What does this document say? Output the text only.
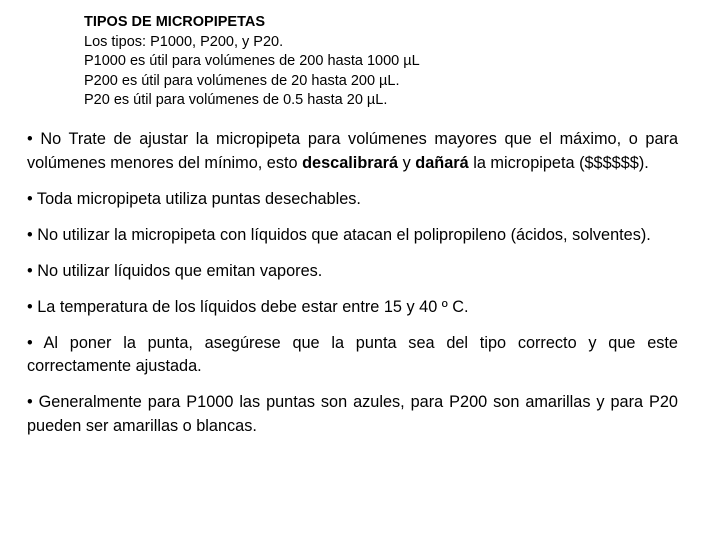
TIPOS DE MICROPIPETAS
Los tipos: P1000, P200, y P20.
P1000 es útil para volúmenes de 200 hasta 1000 µL
P200 es útil para volúmenes de 20 hasta 200 µL.
P20 es útil para volúmenes de 0.5 hasta 20 µL.

• No Trate de ajustar la micropipeta para volúmenes mayores que el máximo, o para volúmenes menores del mínimo, esto descalibrará y dañará la micropipeta ($$$$$$).

• Toda micropipeta utiliza puntas desechables.

• No utilizar la micropipeta con líquidos que atacan el polipropileno (ácidos, solventes).

• No utilizar líquidos que emitan vapores.

• La temperatura de los líquidos debe estar entre 15 y 40 º C.

• Al poner la punta, asegúrese que la punta sea del tipo correcto y que este correctamente ajustada.

• Generalmente para P1000 las puntas son azules, para P200 son amarillas y para P20 pueden ser amarillas o blancas.
